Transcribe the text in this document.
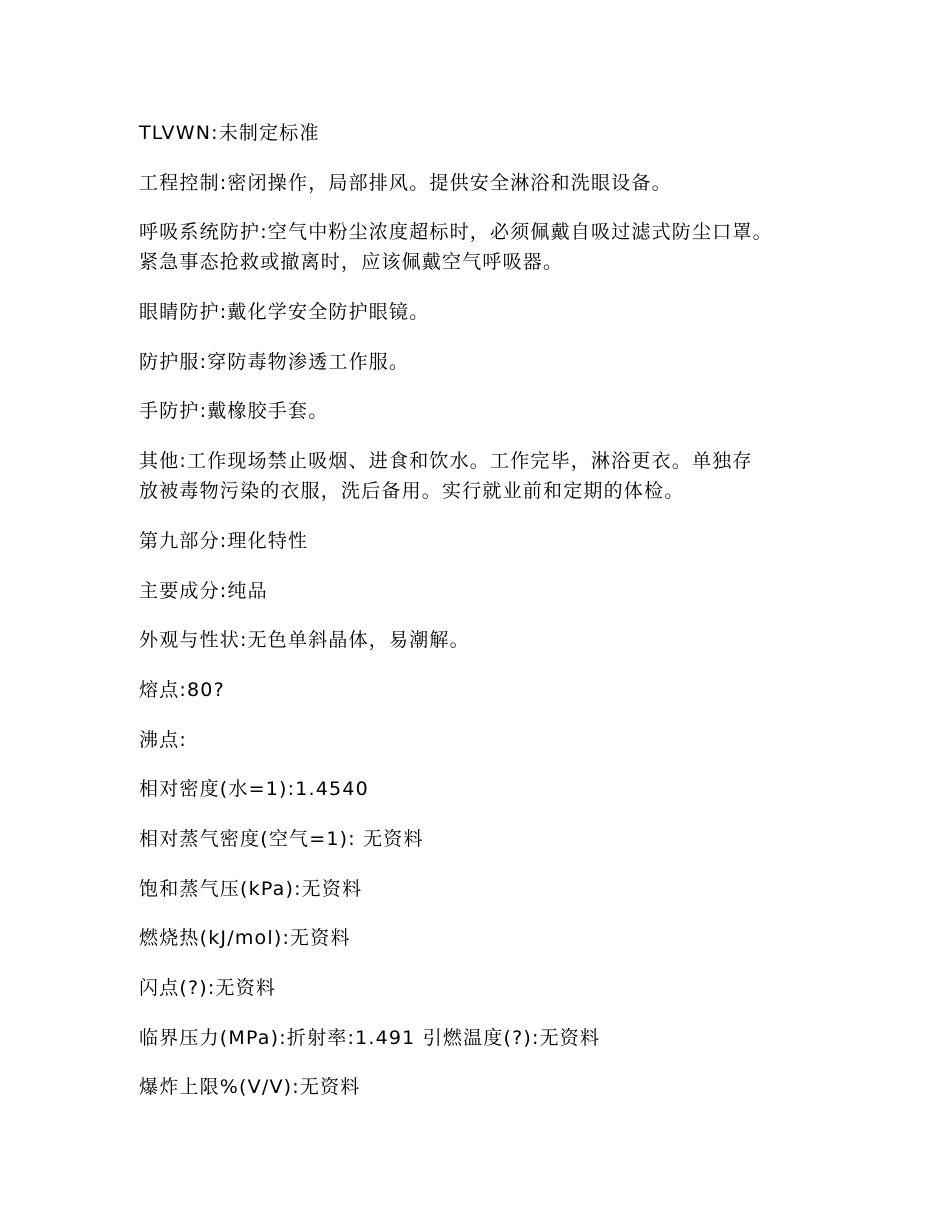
TLVWN:未制定标准

工程控制:密闭操作，局部排风。提供安全淋浴和洗眼设备。

呼吸系统防护:空气中粉尘浓度超标时，必须佩戴自吸过滤式防尘口罩。
紧急事态抢救或撤离时，应该佩戴空气呼吸器。

眼睛防护:戴化学安全防护眼镜。

防护服:穿防毒物渗透工作服。

手防护:戴橡胶手套。

其他:工作现场禁止吸烟、进食和饮水。工作完毕，淋浴更衣。单独存
放被毒物污染的衣服，洗后备用。实行就业前和定期的体检。

第九部分:理化特性

主要成分:纯品

外观与性状:无色单斜晶体，易潮解。

熔点:80?

沸点:

相对密度(水=1):1.4540

相对蒸气密度(空气=1): 无资料

饱和蒸气压(kPa):无资料

燃烧热(kJ/mol):无资料

闪点(?):无资料

临界压力(MPa):折射率:1.491 引燃温度(?):无资料

爆炸上限%(V/V):无资料
